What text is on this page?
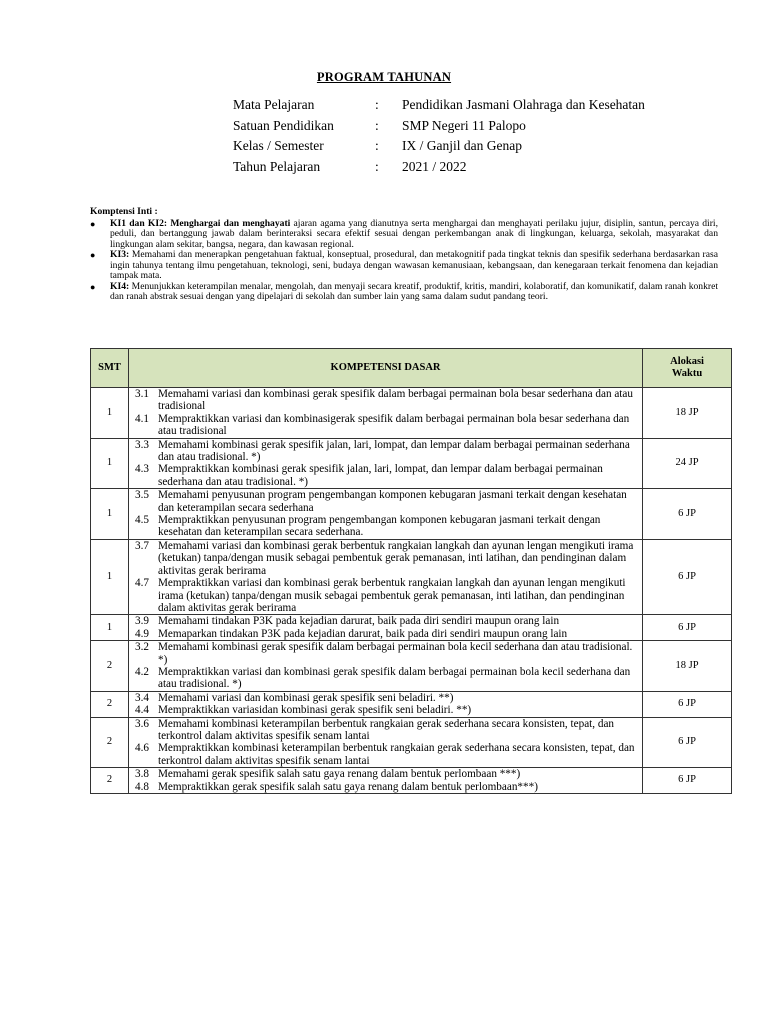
PROGRAM TAHUNAN
Mata Pelajaran	: Pendidikan Jasmani Olahraga dan Kesehatan
Satuan Pendidikan	: SMP Negeri 11 Palopo
Kelas / Semester	: IX / Ganjil dan Genap
Tahun Pelajaran	: 2021 / 2022
Komptensi Inti :
● KI1 dan KI2: Menghargai dan menghayati ajaran agama yang dianutnya serta menghargai dan menghayati perilaku jujur, disiplin, santun, percaya diri, peduli, dan bertanggung jawab dalam berinteraksi secara efektif sesuai dengan perkembangan anak di lingkungan, keluarga, sekolah, masyarakat dan lingkungan alam sekitar, bangsa, negara, dan kawasan regional.
● KI3: Memahami dan menerapkan pengetahuan faktual, konseptual, prosedural, dan metakognitif pada tingkat teknis dan spesifik sederhana berdasarkan rasa ingin tahunya tentang ilmu pengetahuan, teknologi, seni, budaya dengan wawasan kemanusiaan, kebangsaan, dan kenegaraan terkait fenomena dan kejadian tampak mata.
● KI4: Menunjukkan keterampilan menalar, mengolah, dan menyaji secara kreatif, produktif, kritis, mandiri, kolaboratif, dan komunikatif, dalam ranah konkret dan ranah abstrak sesuai dengan yang dipelajari di sekolah dan sumber lain yang sama dalam sudut pandang teori.
SMT	KOMPETENSI DASAR	Alokasi
Waktu

1	3.1 Memahami variasi dan kombinasi gerak spesifik dalam berbagai permainan bola besar sederhana dan atau tradisional
4.1 Mempraktikkan variasi dan kombinasigerak spesifik dalam berbagai permainan bola besar sederhana dan atau tradisional	18 JP
1	3.3 Memahami kombinasi gerak spesifik jalan, lari, lompat, dan lempar dalam berbagai permainan sederhana dan atau tradisional. *)
4.3 Mempraktikkan kombinasi gerak spesifik jalan, lari, lompat, dan lempar dalam berbagai permainan sederhana dan atau tradisional. *)	24 JP
1	3.5 Memahami penyusunan program pengembangan komponen kebugaran jasmani terkait dengan kesehatan dan keterampilan secara sederhana
4.5 Mempraktikkan penyusunan program pengembangan komponen kebugaran jasmani terkait dengan kesehatan dan keterampilan secara sederhana.	6 JP
1	3.7 Memahami variasi dan kombinasi gerak berbentuk rangkaian langkah dan ayunan lengan mengikuti irama (ketukan) tanpa/dengan musik sebagai pembentuk gerak pemanasan, inti latihan, dan pendinginan dalam aktivitas gerak berirama
4.7 Mempraktikkan variasi dan kombinasi gerak berbentuk rangkaian langkah dan ayunan lengan mengikuti irama (ketukan) tanpa/dengan musik sebagai pembentuk gerak pemanasan, inti latihan, dan pendinginan dalam aktivitas gerak berirama	6 JP
1	3.9 Memahami tindakan P3K pada kejadian darurat, baik pada diri sendiri maupun orang lain
4.9 Memaparkan tindakan P3K pada kejadian darurat, baik pada diri sendiri maupun orang lain	6 JP
2	3.2 Memahami kombinasi gerak spesifik dalam berbagai permainan bola kecil sederhana dan atau tradisional. *)
4.2 Mempraktikkan variasi dan kombinasi gerak spesifik dalam berbagai permainan bola kecil sederhana dan atau tradisional. *)	18 JP
2	3.4 Memahami variasi dan kombinasi gerak spesifik seni beladiri. **)
4.4 Mempraktikkan variasidan kombinasi gerak spesifik seni beladiri. **)	6 JP
2	3.6 Memahami kombinasi keterampilan berbentuk rangkaian gerak sederhana secara konsisten, tepat, dan terkontrol dalam aktivitas spesifik senam lantai
4.6 Mempraktikkan kombinasi keterampilan berbentuk rangkaian gerak sederhana secara konsisten, tepat, dan terkontrol dalam aktivitas spesifik senam lantai	6 JP
2	3.8 Memahami gerak spesifik salah satu gaya renang dalam bentuk perlombaan ***)
4.8 Mempraktikkan gerak spesifik salah satu gaya renang dalam bentuk perlombaan***)	6 JP
